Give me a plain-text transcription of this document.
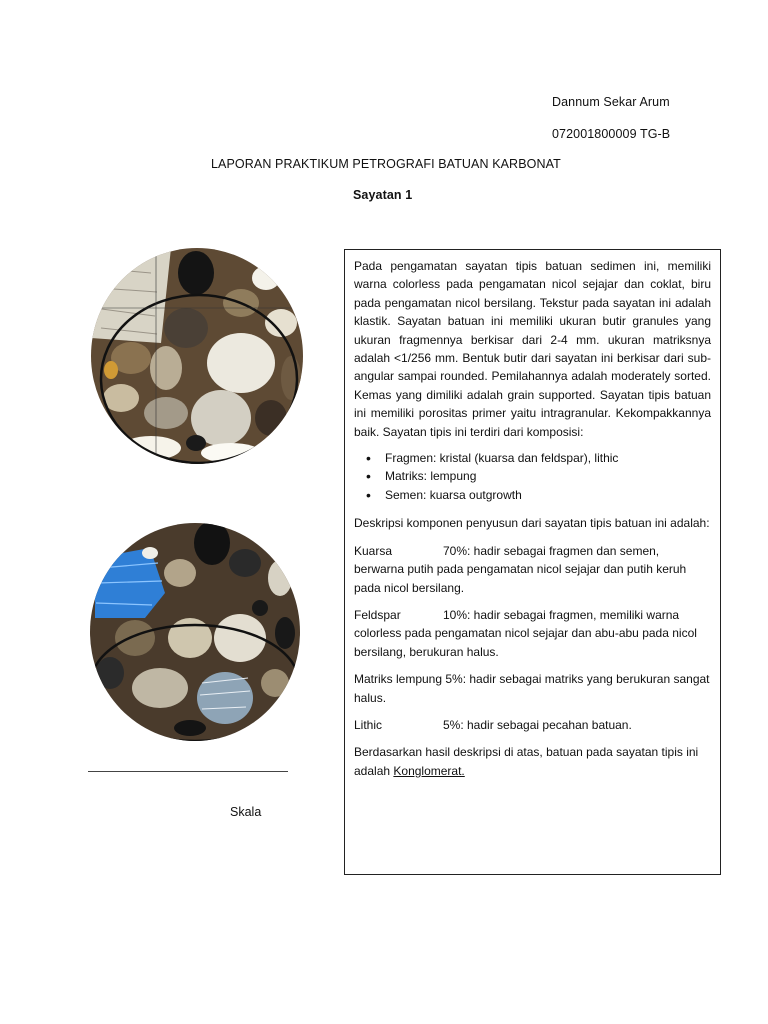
Dannum Sekar Arum
072001800009 TG-B
LAPORAN PRAKTIKUM PETROGRAFI BATUAN KARBONAT
Sayatan 1
Skala

Pada pengamatan sayatan tipis batuan sedimen ini, memiliki warna colorless pada pengamatan nicol sejajar dan coklat, biru pada pengamatan nicol bersilang. Tekstur pada sayatan ini adalah klastik. Sayatan batuan ini memiliki ukuran butir granules yang ukuran fragmennya berkisar dari 2-4 mm. ukuran matriksnya adalah <1/256 mm. Bentuk butir dari sayatan ini berkisar dari sub-angular sampai rounded. Pemilahannya adalah moderately sorted. Kemas yang dimiliki adalah grain supported. Sayatan tipis batuan ini memiliki porositas primer yaitu intragranular. Kekompakkannya baik. Sayatan tipis ini terdiri dari komposisi:

• Fragmen: kristal (kuarsa dan feldspar), lithic
• Matriks: lempung
• Semen: kuarsa outgrowth

Deskripsi komponen penyusun dari sayatan tipis batuan ini adalah:

Kuarsa	70%: hadir sebagai fragmen dan semen, berwarna putih pada pengamatan nicol sejajar dan putih keruh pada nicol bersilang.

Feldspar	10%: hadir sebagai fragmen, memiliki warna colorless pada pengamatan nicol sejajar dan abu-abu pada nicol bersilang, berukuran halus.

Matriks lempung 5%: hadir sebagai matriks yang berukuran sangat halus.

Lithic	5%: hadir sebagai pecahan batuan.

Berdasarkan hasil deskripsi di atas, batuan pada sayatan tipis ini adalah Konglomerat.
